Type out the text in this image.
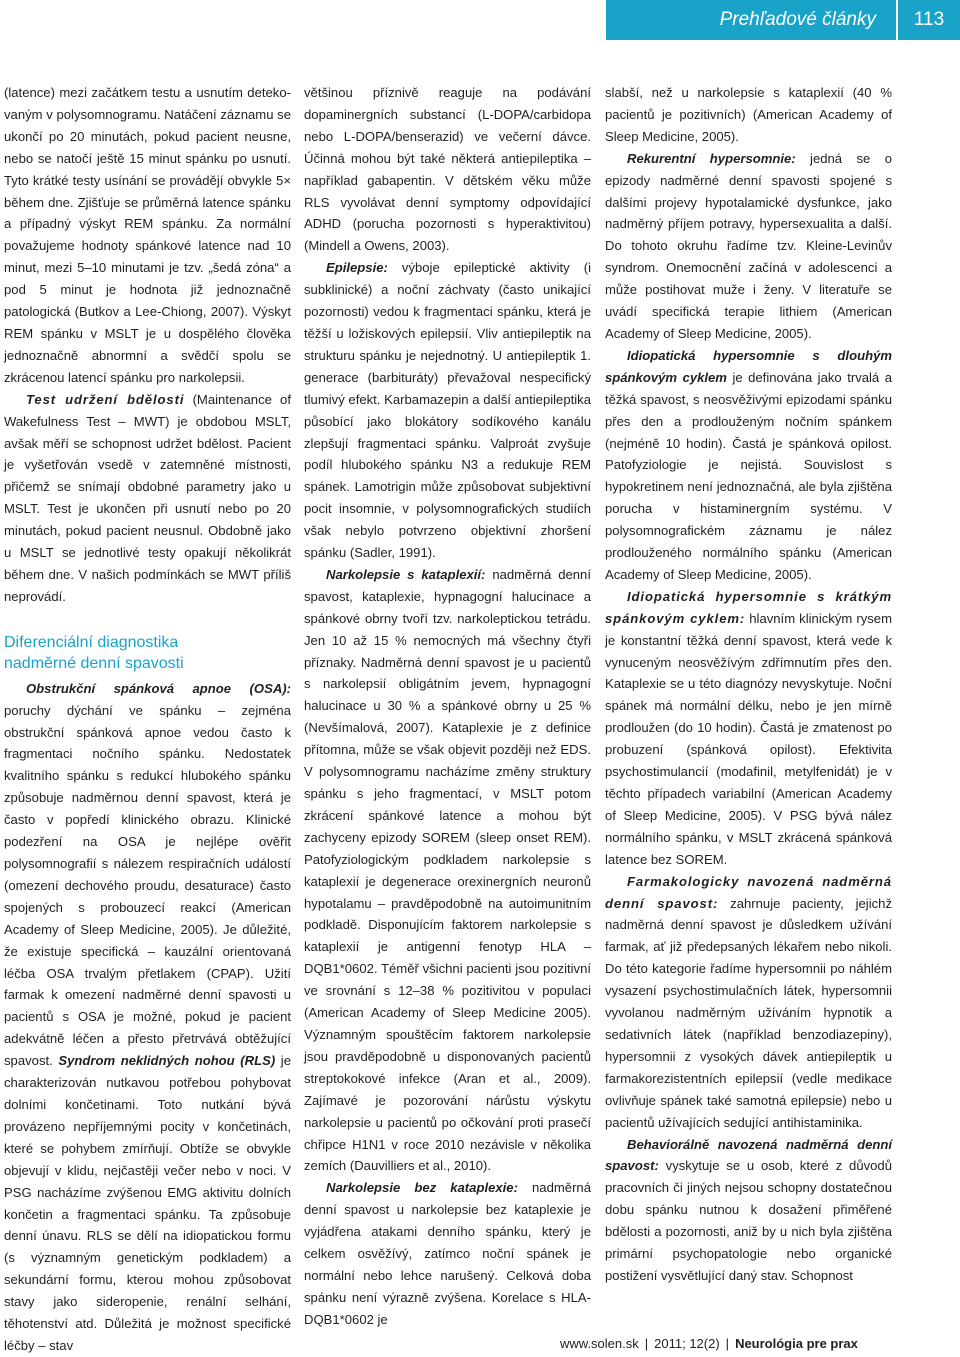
Prehľadové články	113

(latence) mezi začátkem testu a usnutím detekovaným v polysomnogramu. Natáčení záznamu se ukončí po 20 minutách, pokud pacient neusne, nebo se natočí ještě 15 minut spánku po usnutí. Tyto krátké testy usínání se provádějí obvykle 5× během dne. Zjišťuje se průměrná latence spánku a případný výskyt REM spánku. Za normální považujeme hodnoty spánkové latence nad 10 minut, mezi 5–10 minutami je tzv. „šedá zóna“ a pod 5 minut je hodnota již jednoznačně patologická (Butkov a Lee-Chiong, 2007). Výskyt REM spánku v MSLT je u dospělého člověka jednoznačně abnormní a svědčí spolu se zkrácenou latencí spánku pro narkolepsii.

Test udržení bdělosti (Maintenance of Wakefulness Test – MWT) je obdobou MSLT, avšak měří se schopnost udržet bdělost. Pacient je vyšetřován vsedě v zatemněné místnosti, přičemž se snímají obdobné parametry jako u MSLT. Test je ukončen při usnutí nebo po 20 minutách, pokud pacient neusnul. Obdobně jako u MSLT se jednotlivé testy opakují několikrát během dne. V našich podmínkách se MWT příliš neprovádí.

Diferenciální diagnostika
nadměrné denní spavosti

Obstrukční spánková apnoe (OSA): poruchy dýchání ve spánku – zejména obstrukční spánková apnoe vedou často k fragmentaci nočního spánku. Nedostatek kvalitního spánku s redukcí hlubokého spánku způsobuje nadměrnou denní spavost, která je často v popředí klinického obrazu. Klinické podezření na OSA je nejlépe ověřit polysomnografií s nálezem respiračních událostí (omezení dechového proudu, desaturace) často spojených s probouzecí reakcí (American Academy of Sleep Medicine, 2005). Je důležité, že existuje specifická – kauzální orientovaná léčba OSA trvalým přetlakem (CPAP). Užití farmak k omezení nadměrné denní spavosti u pacientů s OSA je možné, pokud je pacient adekvátně léčen a přesto přetrvává obtěžující spavost. Syndrom neklidných nohou (RLS) je charakterizován nutkavou potřebou pohybovat dolními končetinami. Toto nutkání bývá provázeno nepříjemnými pocity v končetinách, které se pohybem zmírňují. Obtíže se obvykle objevují v klidu, nejčastěji večer nebo v noci. V PSG nacházíme zvýšenou EMG aktivitu dolních končetin a fragmentaci spánku. Ta způsobuje denní únavu. RLS se dělí na idiopatickou formu (s významným genetickým podkladem) a sekundární formu, kterou mohou způsobovat stavy jako sideropenie, renální selhání, těhotenství atd. Důležitá je možnost specifické léčby – stav

většinou příznivě reaguje na podávání dopaminergních substancí (L-DOPA/carbidopa nebo L-DOPA/benserazid) ve večerní dávce. Účinná mohou být také některá antiepileptika – například gabapentin. V dětském věku může RLS vyvolávat denní symptomy odpovídající ADHD (porucha pozornosti s hyperaktivitou) (Mindell a Owens, 2003).

Epilepsie: výboje epileptické aktivity (i subklinické) a noční záchvaty (často unikající pozornosti) vedou k fragmentaci spánku, která je těžší u ložiskových epilepsií. Vliv antiepileptik na strukturu spánku je nejednotný. U antiepileptik 1. generace (barbituráty) převažoval nespecifický tlumivý efekt. Karbamazepin a další antiepileptika působící jako blokátory sodíkového kanálu zlepšují fragmentaci spánku. Valproát zvyšuje podíl hlubokého spánku N3 a redukuje REM spánek. Lamotrigin může způsobovat subjektivní pocit insomnie, v polysomnografických studiích však nebylo potvrzeno objektivní zhoršení spánku (Sadler, 1991).

Narkolepsie s kataplexií: nadměrná denní spavost, kataplexie, hypnagogní halucinace a spánkové obrny tvoří tzv. narkoleptickou tetrádu. Jen 10 až 15 % nemocných má všechny čtyři příznaky. Nadměrná denní spavost je u pacientů s narkolepsií obligátním jevem, hypnagogní halucinace u 30 % a spánkové obrny u 25 % (Nevšímalová, 2007). Kataplexie je z definice přítomna, může se však objevit později než EDS. V polysomnogramu nacházíme změny struktury spánku s jeho fragmentací, v MSLT potom zkrácení spánkové latence a mohou být zachyceny epizody SOREM (sleep onset REM). Patofyziologickým podkladem narkolepsie s kataplexií je degenerace orexinergních neuronů hypotalamu – pravděpodobně na autoimunitním podkladě. Disponujícím faktorem narkolepsie s kataplexií je antigenní fenotyp HLA – DQB1*0602. Téměř všichni pacienti jsou pozitivní ve srovnání s 12–38 % pozitivitou v populaci (American Academy of Sleep Medicine 2005). Významným spouštěcím faktorem narkolepsie jsou pravděpodobně u disponovaných pacientů streptokokové infekce (Aran et al., 2009). Zajímavé je pozorování nárůstu výskytu narkolepsie u pacientů po očkování proti prasečí chřipce H1N1 v roce 2010 nezávisle v několika zemích (Dauvilliers et al., 2010).

Narkolepsie bez kataplexie: nadměrná denní spavost u narkolepsie bez kataplexie je vyjádřena atakami denního spánku, který je celkem osvěžívý, zatímco noční spánek je normální nebo lehce narušený. Celková doba spánku není výrazně zvýšena. Korelace s HLA-DQB1*0602 je

slabší, než u narkolepsie s kataplexií (40 % pacientů je pozitivních) (American Academy of Sleep Medicine, 2005).

Rekurentní hypersomnie: jedná se o epizody nadměrné denní spavosti spojené s dalšími projevy hypotalamické dysfunkce, jako nadměrný příjem potravy, hypersexualita a další. Do tohoto okruhu řadíme tzv. Kleine-Levinův syndrom. Onemocnění začíná v adolescenci a může postihovat muže i ženy. V literatuře se uvádí specifická terapie lithiem (American Academy of Sleep Medicine, 2005).

Idiopatická hypersomnie s dlouhým spánkovým cyklem je definována jako trvalá a těžká spavost, s neosvěživými epizodami spánku přes den a prodlouženým nočním spánkem (nejméně 10 hodin). Častá je spánková opilost. Patofyziologie je nejistá. Souvislost s hypokretinem není jednoznačná, ale byla zjištěna porucha v histaminergním systému. V polysomnografickém záznamu je nález prodlouženého normálního spánku (American Academy of Sleep Medicine, 2005).

Idiopatická hypersomnie s krátkým spánkovým cyklem: hlavním klinickým rysem je konstantní těžká denní spavost, která vede k vynuceným neosvěžívým zdřímnutím přes den. Kataplexie se u této diagnózy nevyskytuje. Noční spánek má normální délku, nebo je jen mírně prodloužen (do 10 hodin). Častá je zmatenost po probuzení (spánková opilost). Efektivita psychostimulancií (modafinil, metylfenidát) je v těchto případech variabilní (American Academy of Sleep Medicine, 2005). V PSG bývá nález normálního spánku, v MSLT zkrácená spánková latence bez SOREM.

Farmakologicky navozená nadměrná denní spavost: zahrnuje pacienty, jejichž nadměrná denní spavost je důsledkem užívání farmak, ať již předepsaných lékařem nebo nikoli. Do této kategorie řadíme hypersomnii po náhlém vysazení psychostimulačních látek, hypersomnii vyvolanou nadměrným užíváním hypnotik a sedativních látek (například benzodiazepiny), hypersomnii z vysokých dávek antiepileptik u farmakorezistentních epilepsií (vedle medikace ovlivňuje spánek také samotná epilepsie) nebo u pacientů užívajících sedující antihistaminika.

Behaviorálně navozená nadměrná denní spavost: vyskytuje se u osob, které z důvodů pracovních či jiných nejsou schopny dostatečnou dobu spánku nutnou k dosažení přiměřené bdělosti a pozornosti, aniž by u nich byla zjištěna primární psychopatologie nebo organické postižení vysvětlující daný stav. Schopnost

www.solen.sk | 2011; 12(2) | Neurológia pre prax
